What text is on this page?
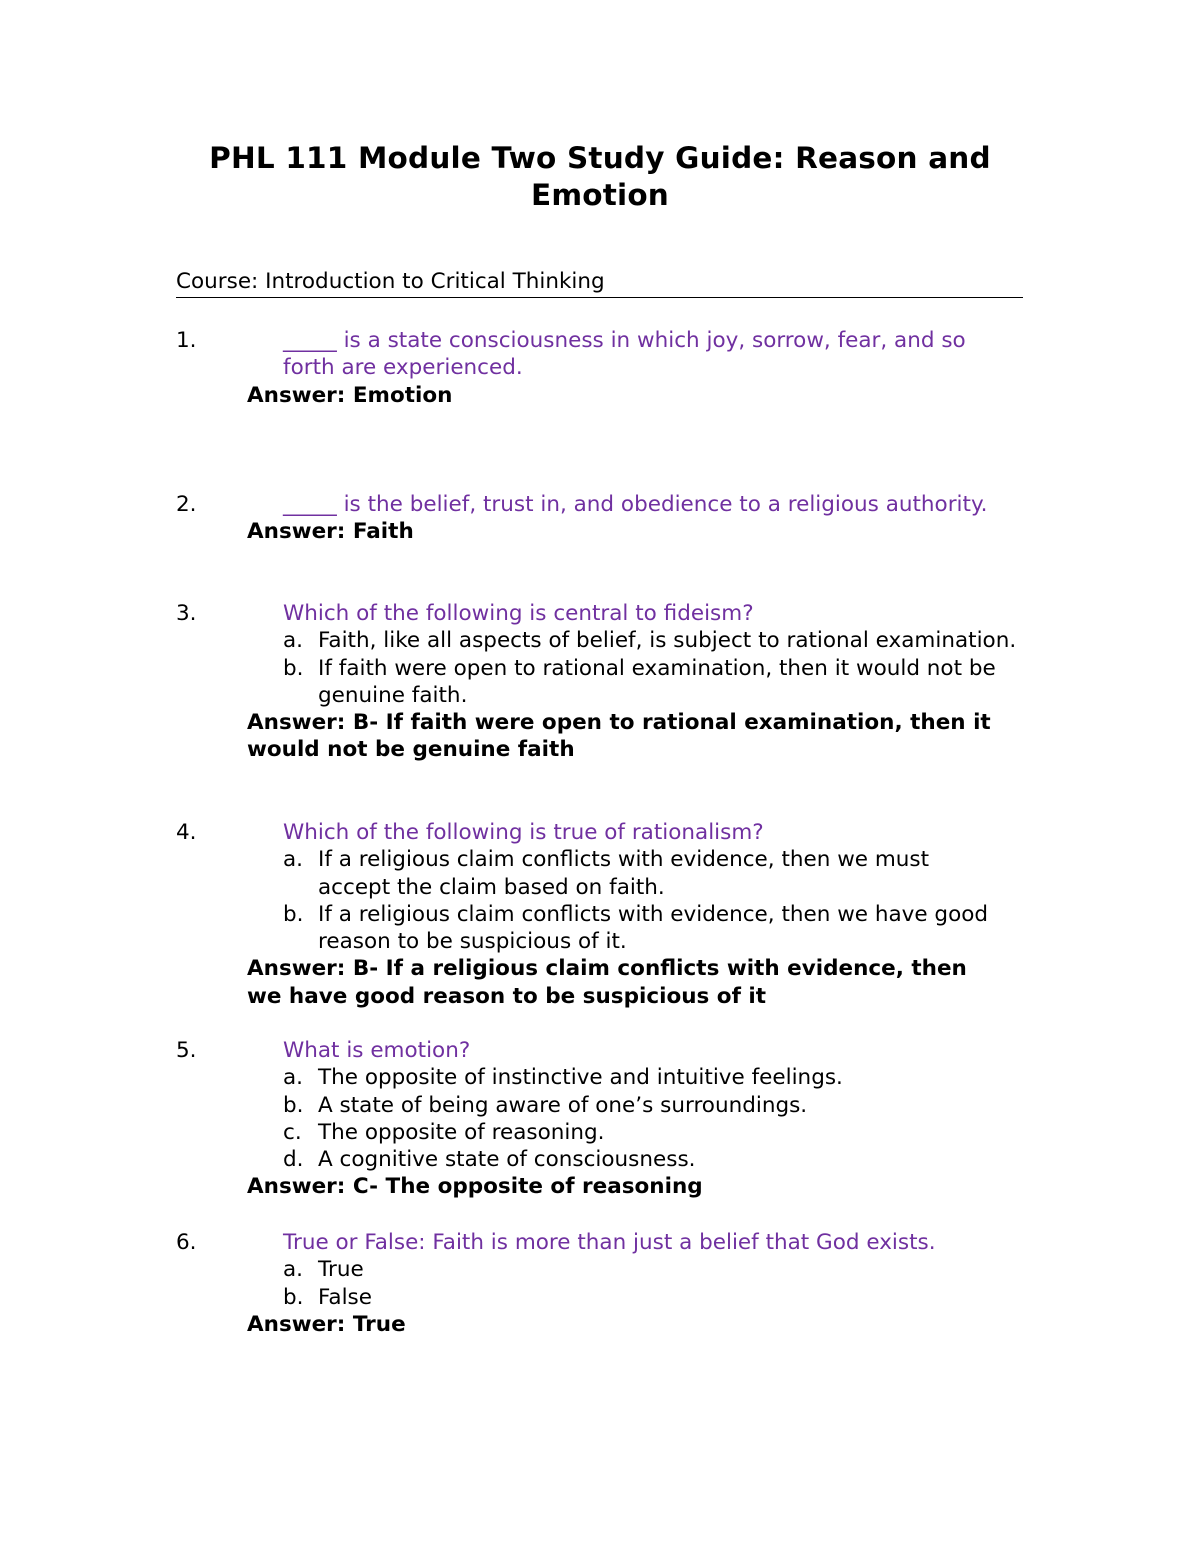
PHL 111 Module Two Study Guide: Reason and Emotion
Course: Introduction to Critical Thinking
1.	_____ is a state consciousness in which joy, sorrow, fear, and so forth are experienced.
Answer: Emotion
2.	_____ is the belief, trust in, and obedience to a religious authority.
Answer: Faith
3.	Which of the following is central to fideism?
a. Faith, like all aspects of belief, is subject to rational examination.
b. If faith were open to rational examination, then it would not be genuine faith.
Answer: B- If faith were open to rational examination, then it would not be genuine faith
4.	Which of the following is true of rationalism?
a. If a religious claim conflicts with evidence, then we must accept the claim based on faith.
b. If a religious claim conflicts with evidence, then we have good reason to be suspicious of it.
Answer: B- If a religious claim conflicts with evidence, then we have good reason to be suspicious of it
5.	What is emotion?
a. The opposite of instinctive and intuitive feelings.
b. A state of being aware of one’s surroundings.
c. The opposite of reasoning.
d. A cognitive state of consciousness.
Answer: C- The opposite of reasoning
6.	True or False: Faith is more than just a belief that God exists.
a. True
b. False
Answer: True
